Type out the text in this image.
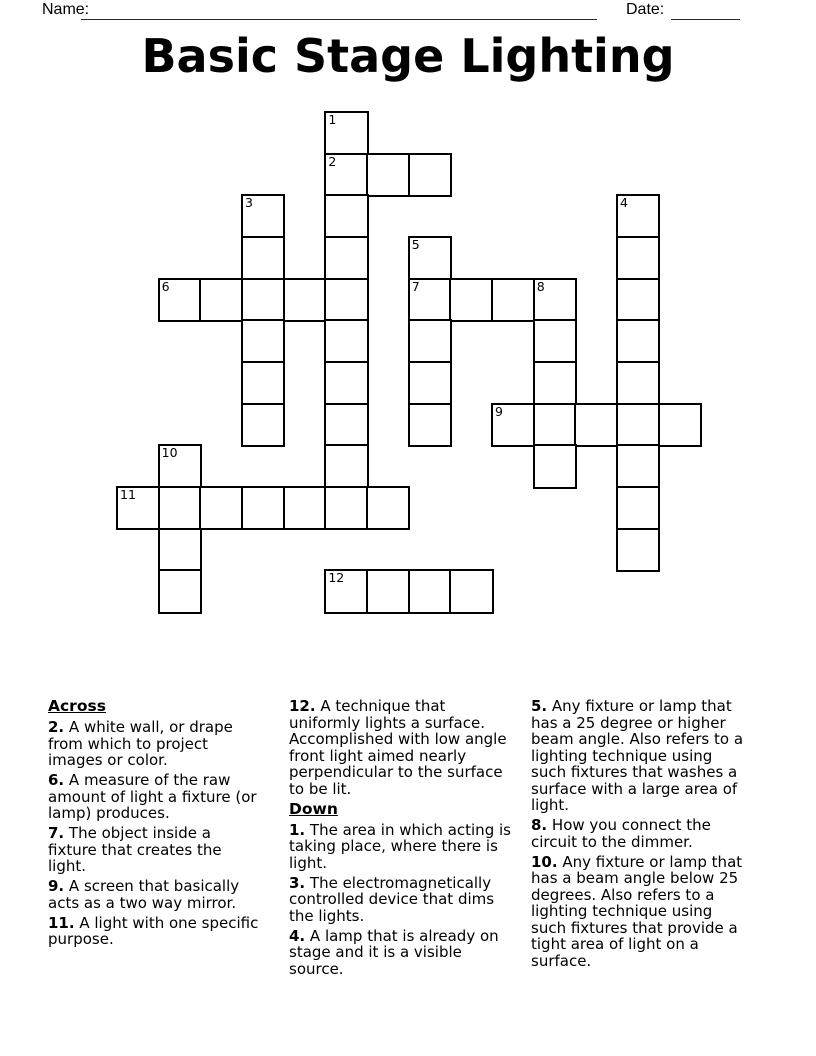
Name:	Date:
Basic Stage Lighting
1
2
3	4
5
6	7	8
9
10
11
12
Across

2. A white wall, or drape from which to project images or color.

6. A measure of the raw amount of light a fixture (or lamp) produces.

7. The object inside a fixture that creates the light.

9. A screen that basically acts as a two way mirror.

11. A light with one specific purpose.

12. A technique that uniformly lights a surface. Accomplished with low angle front light aimed nearly perpendicular to the surface to be lit.

Down

1. The area in which acting is taking place, where there is light.

3. The electromagnetically controlled device that dims the lights.

4. A lamp that is already on stage and it is a visible source.

5. Any fixture or lamp that has a 25 degree or higher beam angle. Also refers to a lighting technique using such fixtures that washes a surface with a large area of light.

8. How you connect the circuit to the dimmer.

10. Any fixture or lamp that has a beam angle below 25 degrees. Also refers to a lighting technique using such fixtures that provide a tight area of light on a surface.
